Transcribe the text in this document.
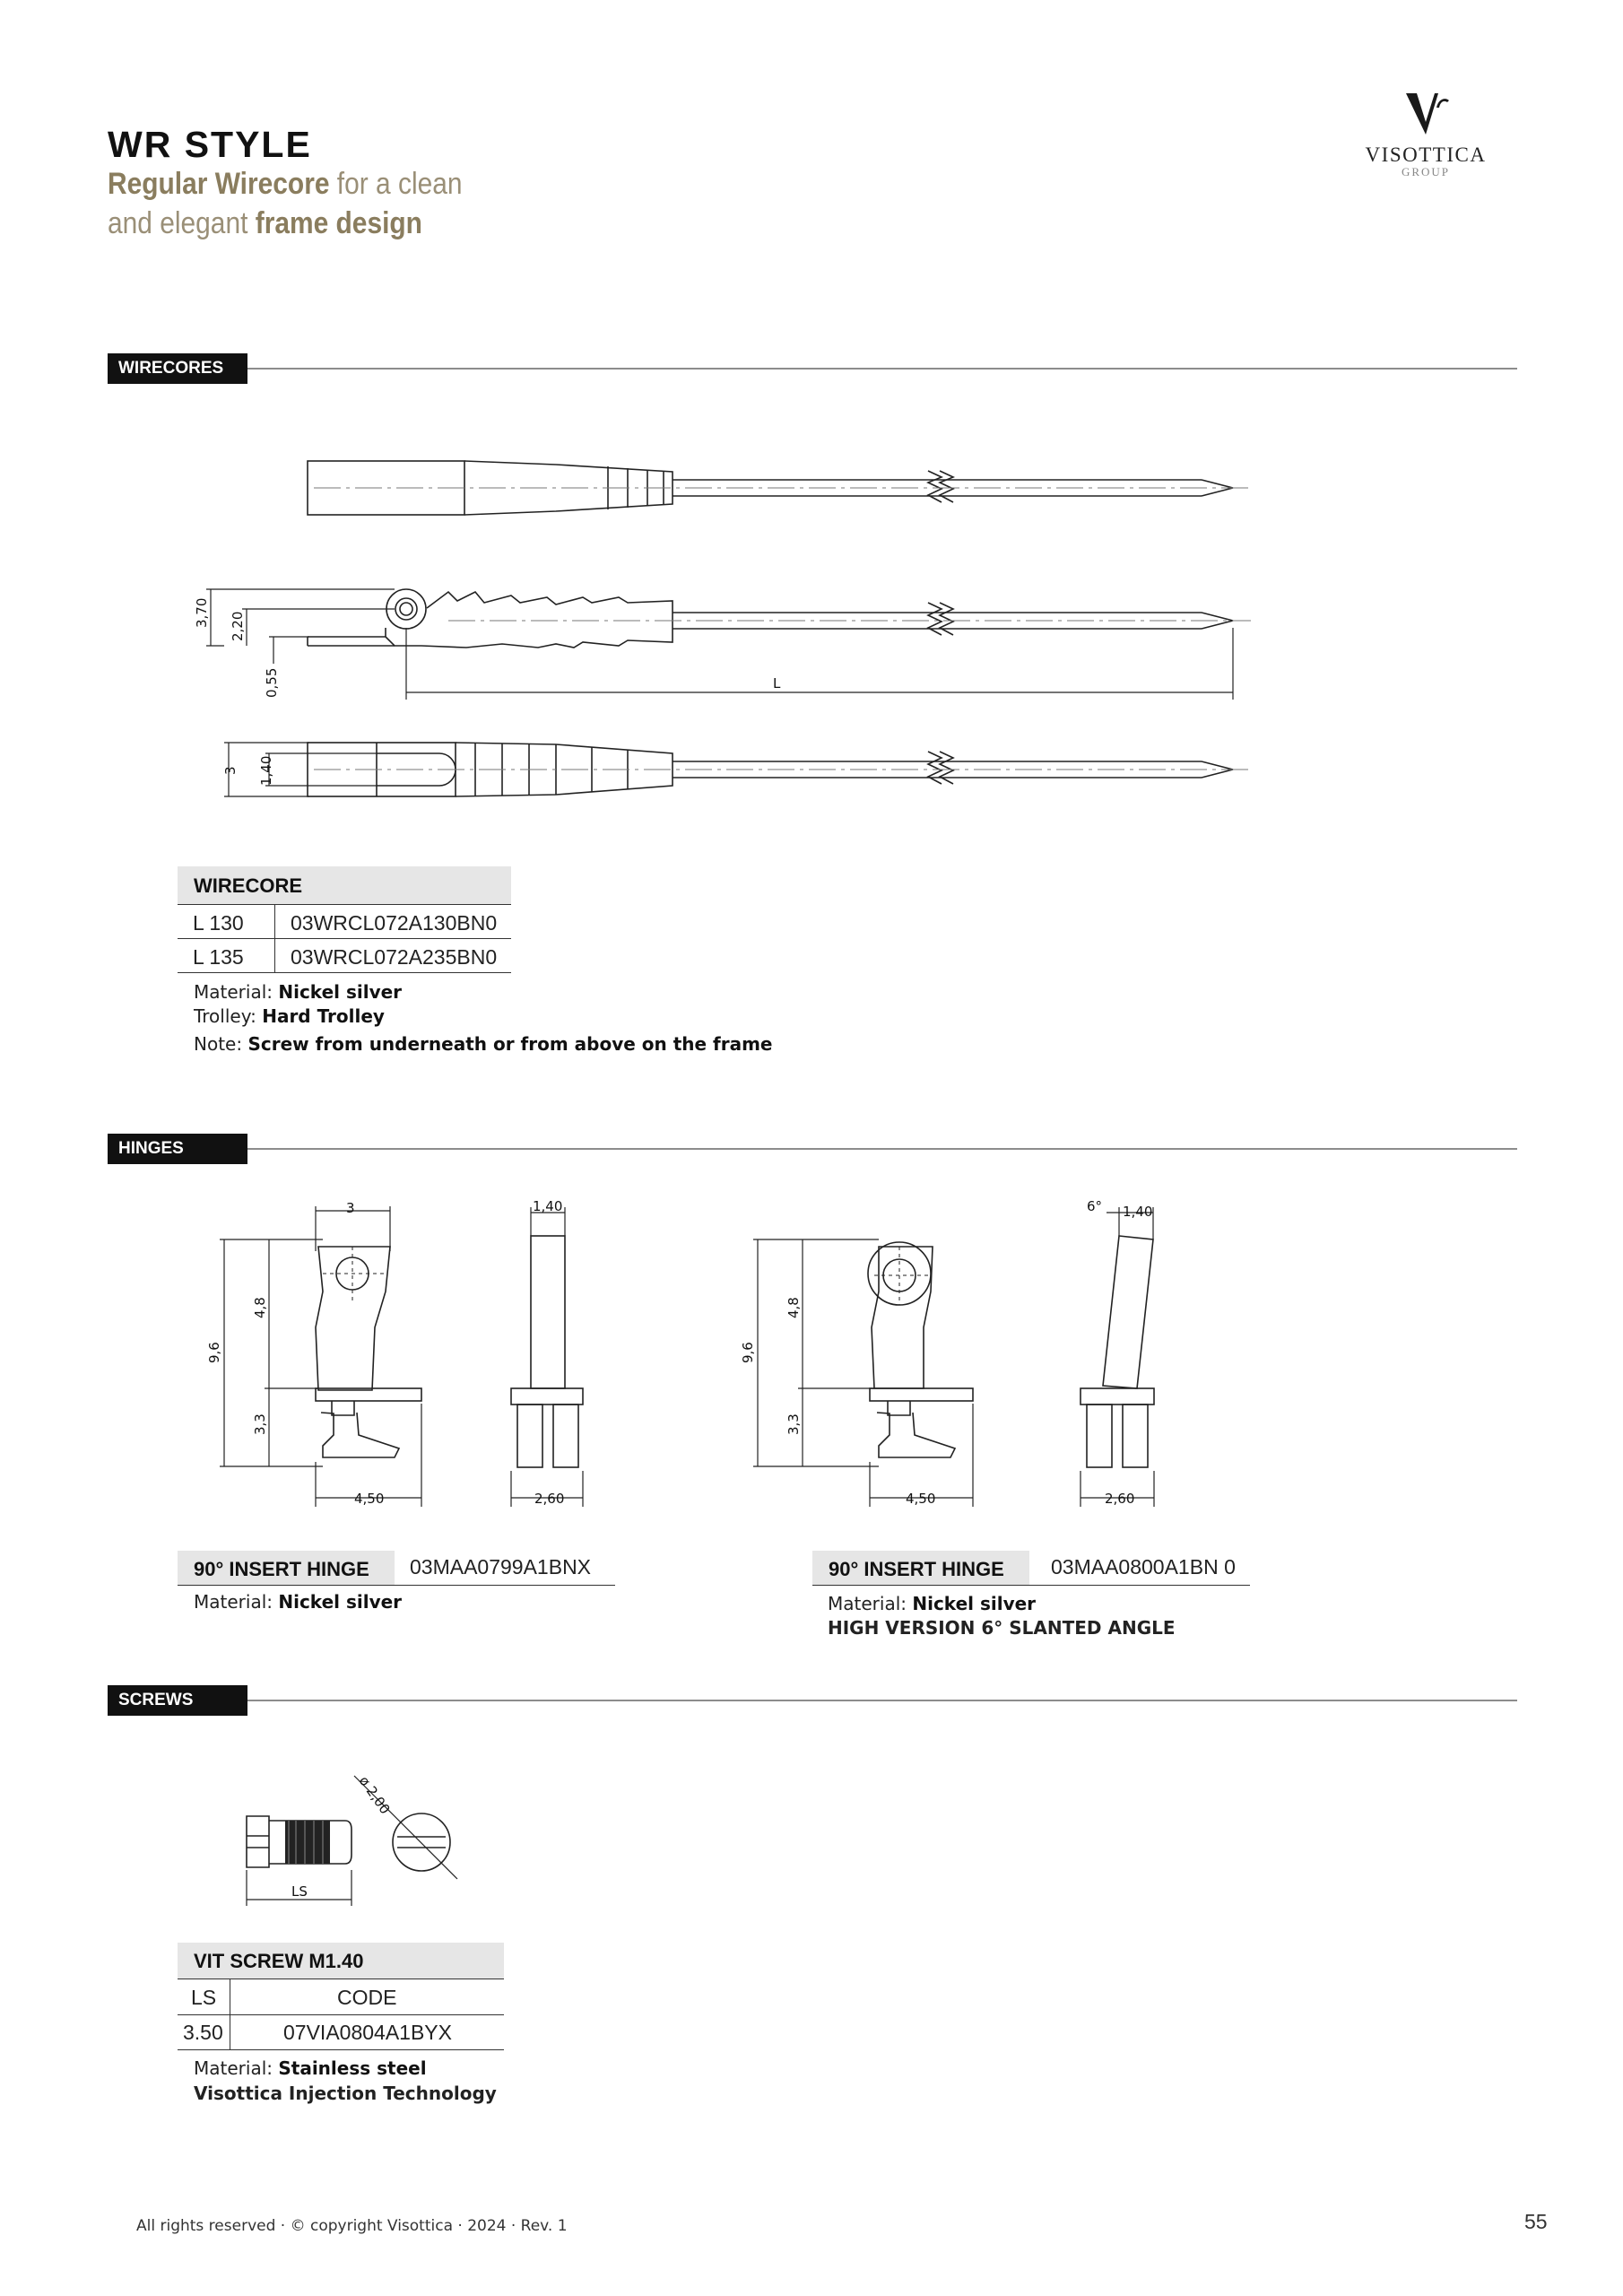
WR STYLE
Regular Wirecore for a clean
and elegant frame design
VISOTTICA
GROUP
WIRECORES
3,70 2,20
0,55	L
3 1,40
WIRECORE
L 130 03WRCL072A130BN0
L 135 03WRCL072A235BN0
Material: Nickel silver
Trolley: Hard Trolley
Note: Screw from underneath or from above on the frame
HINGES
3	1,40
9,6
4,8
3,3
4,50	2,60
6° 1,40
9,6
4,8
3,3
4,50	2,60
90° INSERT HINGE 03MAA0799A1BNX
Material: Nickel silver
90° INSERT HINGE 03MAA0800A1BN 0
Material: Nickel silver
HIGH VERSION 6° SLANTED ANGLE
SCREWS
ø 2,00
LS
VIT SCREW M1.40
LS	CODE
3.50	07VIA0804A1BYX
Material: Stainless steel
Visottica Injection Technology
All rights reserved · © copyright Visottica · 2024 · Rev. 1	55
